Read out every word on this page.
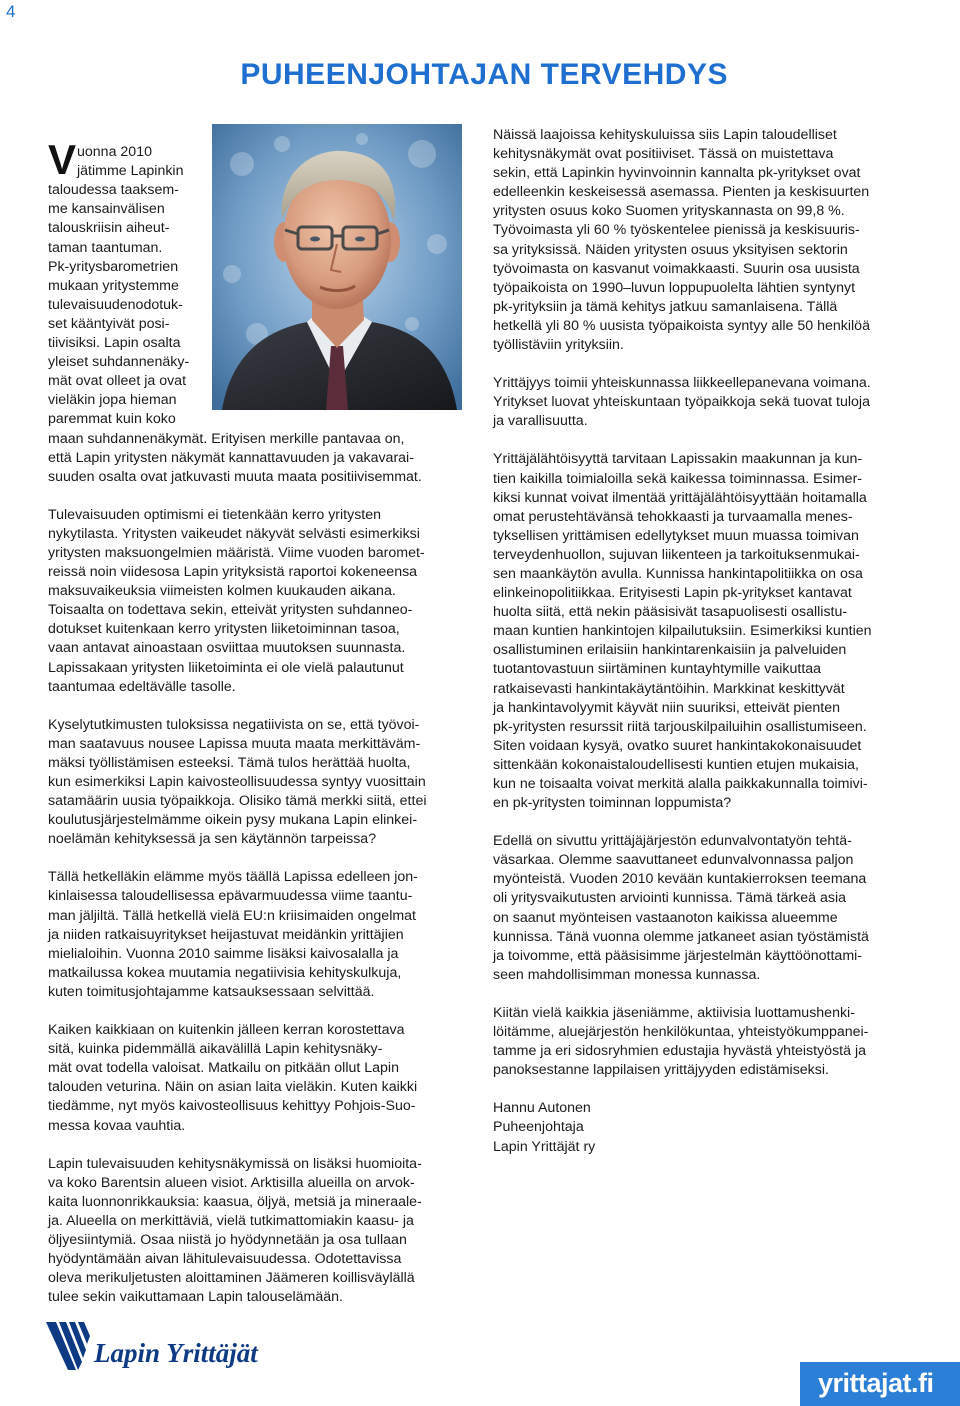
4
PUHEENJOHTAJAN TERVEHDYS

Vuonna 2010
jätimme Lapinkin
taloudessa taaksem-
me kansainvälisen
talouskriisin aiheut-
taman taantuman.
Pk-yritysbarometrien
mukaan yritystemme
tulevaisuudenodotuk-
set kääntyivät posi-
tiivisiksi. Lapin osalta
yleiset suhdannenäky-
mät ovat olleet ja ovat
vieläkin jopa hieman
paremmat kuin koko

maan suhdannenäkymät. Erityisen merkille pantavaa on,
että Lapin yritysten näkymät kannattavuuden ja vakavarai-
suuden osalta ovat jatkuvasti muuta maata positiivisemmat.

Tulevaisuuden optimismi ei tietenkään kerro yritysten
nykytilasta. Yritysten vaikeudet näkyvät selvästi esimerkiksi
yritysten maksuongelmien määristä. Viime vuoden baromet-
reissä noin viidesosa Lapin yrityksistä raportoi kokeneensa
maksuvaikeuksia viimeisten kolmen kuukauden aikana.
Toisaalta on todettava sekin, etteivät yritysten suhdanneo-
dotukset kuitenkaan kerro yritysten liiketoiminnan tasoa,
vaan antavat ainoastaan osviittaa muutoksen suunnasta.
Lapissakaan yritysten liiketoiminta ei ole vielä palautunut
taantumaa edeltävälle tasolle.

Kyselytutkimusten tuloksissa negatiivista on se, että työvoi-
man saatavuus nousee Lapissa muuta maata merkittäväm-
mäksi työllistämisen esteeksi. Tämä tulos herättää huolta,
kun esimerkiksi Lapin kaivosteollisuudessa syntyy vuosittain
satamäärin uusia työpaikkoja. Olisiko tämä merkki siitä, ettei
koulutusjärjestelmämme oikein pysy mukana Lapin elinkei-
noelämän kehityksessä ja sen käytännön tarpeissa?

Tällä hetkelläkin elämme myös täällä Lapissa edelleen jon-
kinlaisessa taloudellisessa epävarmuudessa viime taantu-
man jäljiltä. Tällä hetkellä vielä EU:n kriisimaiden ongelmat
ja niiden ratkaisuyritykset heijastuvat meidänkin yrittäjien
mielialoihin. Vuonna 2010 saimme lisäksi kaivosalalla ja
matkailussa kokea muutamia negatiivisia kehityskulkuja,
kuten toimitusjohtajamme katsauksessaan selvittää.

Kaiken kaikkiaan on kuitenkin jälleen kerran korostettava
sitä, kuinka pidemmällä aikavälillä Lapin kehitysnäky-
mät ovat todella valoisat. Matkailu on pitkään ollut Lapin
talouden veturina. Näin on asian laita vieläkin. Kuten kaikki
tiedämme, nyt myös kaivosteollisuus kehittyy Pohjois-Suo-
messa kovaa vauhtia.

Lapin tulevaisuuden kehitysnäkymissä on lisäksi huomioita-
va koko Barentsin alueen visiot. Arktisilla alueilla on arvok-
kaita luonnonrikkauksia: kaasua, öljyä, metsiä ja mineraale-
ja. Alueella on merkittäviä, vielä tutkimattomiakin kaasu- ja
öljyesiintymiä. Osaa niistä jo hyödynnetään ja osa tullaan
hyödyntämään aivan lähitulevaisuudessa. Odotettavissa
oleva merikuljetusten aloittaminen Jäämeren koillisväylällä
tulee sekin vaikuttamaan Lapin talouselämään.

Näissä laajoissa kehityskuluissa siis Lapin taloudelliset
kehitysnäkymät ovat positiiviset. Tässä on muistettava
sekin, että Lapinkin hyvinvoinnin kannalta pk-yritykset ovat
edelleenkin keskeisessä asemassa. Pienten ja keskisuurten
yritysten osuus koko Suomen yrityskannasta on 99,8 %.
Työvoimasta yli 60 % työskentelee pienissä ja keskisuuris-
sa yrityksissä. Näiden yritysten osuus yksityisen sektorin
työvoimasta on kasvanut voimakkaasti. Suurin osa uusista
työpaikoista on 1990–luvun loppupuolelta lähtien syntynyt
pk-yrityksiin ja tämä kehitys jatkuu samanlaisena. Tällä
hetkellä yli 80 % uusista työpaikoista syntyy alle 50 henkilöä
työllistäviin yrityksiin.

Yrittäjyys toimii yhteiskunnassa liikkeellepanevana voimana.
Yritykset luovat yhteiskuntaan työpaikkoja sekä tuovat tuloja
ja varallisuutta.

Yrittäjälähtöisyyttä tarvitaan Lapissakin maakunnan ja kun-
tien kaikilla toimialoilla sekä kaikessa toiminnassa. Esimer-
kiksi kunnat voivat ilmentää yrittäjälähtöisyyttään hoitamalla
omat perustehtävänsä tehokkaasti ja turvaamalla menes-
tyksellisen yrittämisen edellytykset muun muassa toimivan
terveydenhuollon, sujuvan liikenteen ja tarkoituksenmukai-
sen maankäytön avulla. Kunnissa hankintapolitiikka on osa
elinkeinopolitiikkaa. Erityisesti Lapin pk-yritykset kantavat
huolta siitä, että nekin pääsisivät tasapuolisesti osallistu-
maan kuntien hankintojen kilpailutuksiin. Esimerkiksi kuntien
osallistuminen erilaisiin hankintarenkaisiin ja palveluiden
tuotantovastuun siirtäminen kuntayhtymille vaikuttaa
ratkaisevasti hankintakäytäntöihin. Markkinat keskittyvät
ja hankintavolyymit käyvät niin suuriksi, etteivät pienten
pk-yritysten resurssit riitä tarjouskilpailuihin osallistumiseen.
Siten voidaan kysyä, ovatko suuret hankintakokonaisuudet
sittenkään kokonaistaloudellisesti kuntien etujen mukaisia,
kun ne toisaalta voivat merkitä alalla paikkakunnalla toimivi-
en pk-yritysten toiminnan loppumista?

Edellä on sivuttu yrittäjäjärjestön edunvalvontatyön tehtä-
väsarkaa. Olemme saavuttaneet edunvalvonnassa paljon
myönteistä. Vuoden 2010 kevään kuntakierroksen teemana
oli yritysvaikutusten arviointi kunnissa. Tämä tärkeä asia
on saanut myönteisen vastaanoton kaikissa alueemme
kunnissa. Tänä vuonna olemme jatkaneet asian työstämistä
ja toivomme, että pääsisimme järjestelmän käyttöönottami-
seen mahdollisimman monessa kunnassa.

Kiitän vielä kaikkia jäseniämme, aktiivisia luottamushenki-
löitämme, aluejärjestön henkilökuntaa, yhteistyökumppanei-
tamme ja eri sidosryhmien edustajia hyvästä yhteistyöstä ja
panoksestanne lappilaisen yrittäjyyden edistämiseksi.

Hannu Autonen
Puheenjohtaja
Lapin Yrittäjät ry

Lapin Yrittäjät
yrittajat.fi
